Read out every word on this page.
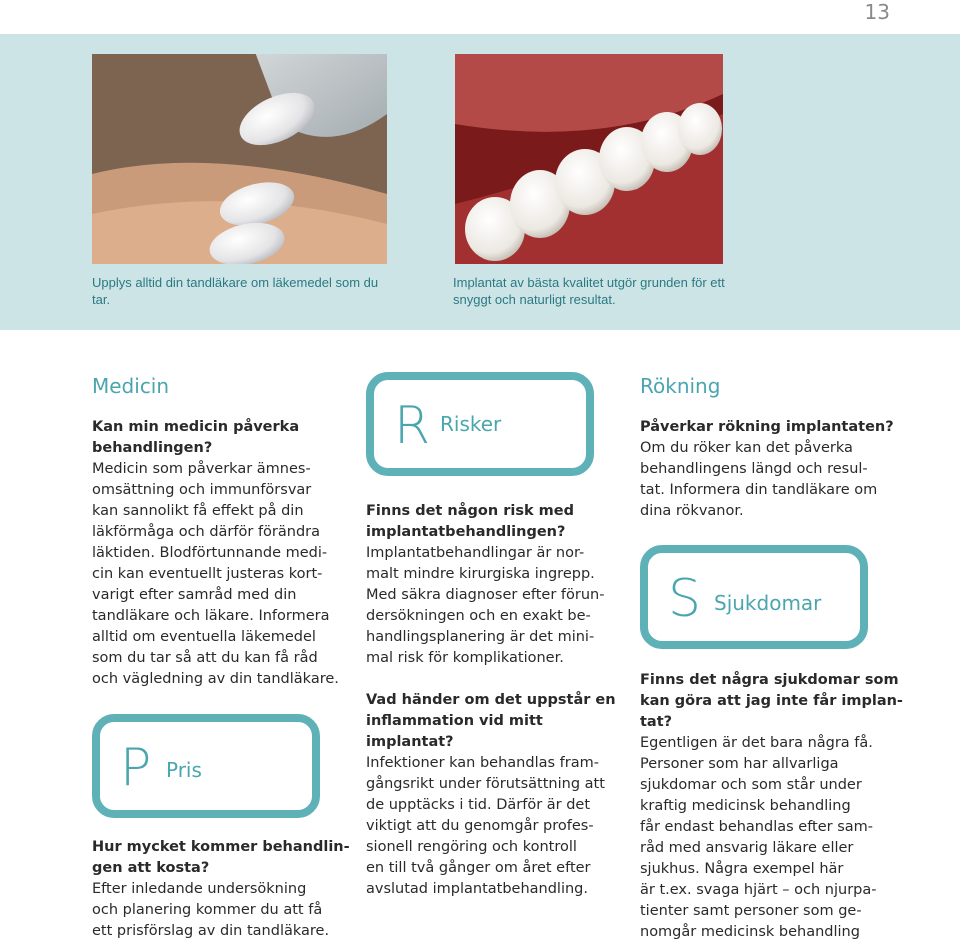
13
Upplys alltid din tandläkare om läkemedel som du tar.
Implantat av bästa kvalitet utgör grunden för ett
snyggt och naturligt resultat.
Medicin
Kan min medicin påverka
behandlingen?
Medicin som påverkar ämnes-
omsättning och immunförsvar
kan sannolikt få effekt på din
läkförmåga och därför förändra
läktiden. Blodförtunnande medi-
cin kan eventuellt justeras kort-
varigt efter samråd med din
tandläkare och läkare. Informera
alltid om eventuella läkemedel
som du tar så att du kan få råd
och vägledning av din tandläkare.
P Pris
Hur mycket kommer behandlin-
gen att kosta?
Efter inledande undersökning
och planering kommer du att få
ett prisförslag av din tandläkare.
R Risker
Finns det någon risk med
implantatbehandlingen?
Implantatbehandlingar är nor-
malt mindre kirurgiska ingrepp.
Med säkra diagnoser efter förun-
dersökningen och en exakt be-
handlingsplanering är det mini-
mal risk för komplikationer.
Vad händer om det uppstår en
inflammation vid mitt implantat?
Infektioner kan behandlas fram-
gångsrikt under förutsättning att
de upptäcks i tid. Därför är det
viktigt att du genomgår profes-
sionell rengöring och kontroll
en till två gånger om året efter
avslutad implantatbehandling.
Rökning
Påverkar rökning implantaten?
Om du röker kan det påverka
behandlingens längd och resul-
tat. Informera din tandläkare om
dina rökvanor.
S Sjukdomar
Finns det några sjukdomar som
kan göra att jag inte får implan-
tat?
Egentligen är det bara några få.
Personer som har allvarliga
sjukdomar och som står under
kraftig medicinsk behandling
får endast behandlas efter sam-
råd med ansvarig läkare eller
sjukhus. Några exempel här
är t.ex. svaga hjärt – och njurpa-
tienter samt personer som ge-
nomgår medicinsk behandling
